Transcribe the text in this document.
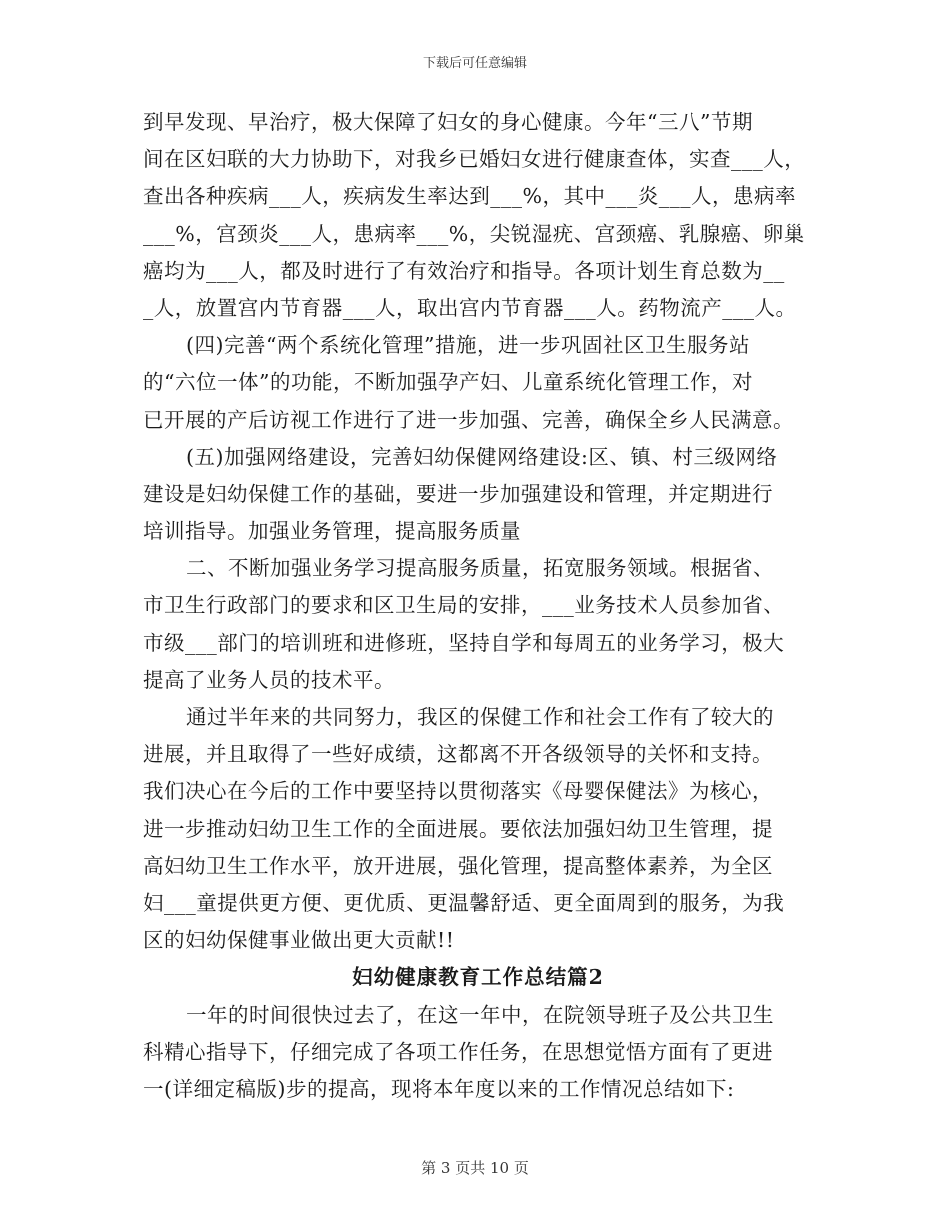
下载后可任意编辑
到早发现、早治疗，极大保障了妇女的身心健康。今年“三八”节期
间在区妇联的大力协助下，对我乡已婚妇女进行健康查体，实查___人，
查出各种疾病___人，疾病发生率达到___%，其中___炎___人，患病率
___%，宫颈炎___人，患病率___%，尖锐湿疣、宫颈癌、乳腺癌、卵巢
癌均为___人，都及时进行了有效治疗和指导。各项计划生育总数为__
_人，放置宫内节育器___人，取出宫内节育器___人。药物流产___人。
(四)完善“两个系统化管理”措施，进一步巩固社区卫生服务站
的“六位一体”的功能，不断加强孕产妇、儿童系统化管理工作，对
已开展的产后访视工作进行了进一步加强、完善，确保全乡人民满意。
(五)加强网络建设，完善妇幼保健网络建设:区、镇、村三级网络
建设是妇幼保健工作的基础，要进一步加强建设和管理，并定期进行
培训指导。加强业务管理，提高服务质量
二、不断加强业务学习提高服务质量，拓宽服务领域。根据省、
市卫生行政部门的要求和区卫生局的安排，___业务技术人员参加省、
市级___部门的培训班和进修班，坚持自学和每周五的业务学习，极大
提高了业务人员的技术平。
通过半年来的共同努力，我区的保健工作和社会工作有了较大的
进展，并且取得了一些好成绩，这都离不开各级领导的关怀和支持。
我们决心在今后的工作中要坚持以贯彻落实《母婴保健法》为核心，
进一步推动妇幼卫生工作的全面进展。要依法加强妇幼卫生管理，提
高妇幼卫生工作水平，放开进展，强化管理，提高整体素养，为全区
妇___童提供更方便、更优质、更温馨舒适、更全面周到的服务，为我
区的妇幼保健事业做出更大贡献!!
妇幼健康教育工作总结篇2
一年的时间很快过去了，在这一年中，在院领导班子及公共卫生
科精心指导下，仔细完成了各项工作任务，在思想觉悟方面有了更进
一(详细定稿版)步的提高，现将本年度以来的工作情况总结如下:
第 3 页共 10 页
